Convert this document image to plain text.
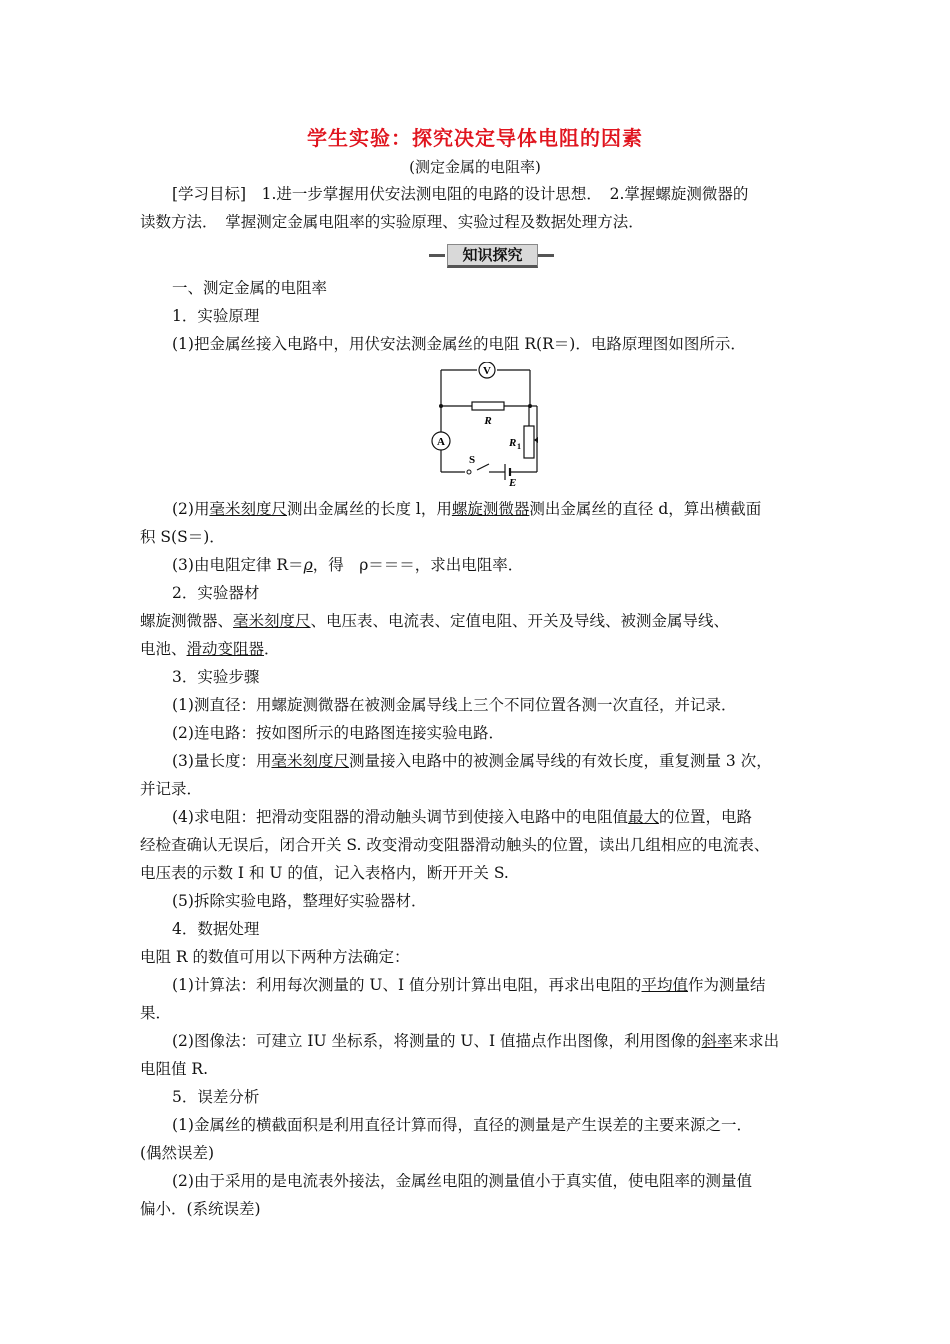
学生实验：探究决定导体电阻的因素
(测定金属的电阻率)
[学习目标]　1.进一步掌握用伏安法测电阻的电路的设计思想．　2.掌握螺旋测微器的
读数方法．　掌握测定金属电阻率的实验原理、实验过程及数据处理方法．
知识探究
一、测定金属的电阻率
1．实验原理
(1)把金属丝接入电路中，用伏安法测金属丝的电阻 R(R＝)．电路原理图如图所示．
V
A
R
R 1
S
E
(2)用毫米刻度尺测出金属丝的长度 l，用螺旋测微器测出金属丝的直径 d，算出横截面
积 S(S＝)．
(3)由电阻定律 R＝ρ，得　ρ＝＝＝，求出电阻率．
2．实验器材
螺旋测微器、毫米刻度尺、电压表、电流表、定值电阻、开关及导线、被测金属导线、
电池、滑动变阻器．
3．实验步骤
(1)测直径：用螺旋测微器在被测金属导线上三个不同位置各测一次直径，并记录．
(2)连电路：按如图所示的电路图连接实验电路．
(3)量长度：用毫米刻度尺测量接入电路中的被测金属导线的有效长度，重复测量 3 次，
并记录．
(4)求电阻：把滑动变阻器的滑动触头调节到使接入电路中的电阻值最大的位置，电路
经检查确认无误后，闭合开关 S. 改变滑动变阻器滑动触头的位置，读出几组相应的电流表、
电压表的示数 I 和 U 的值，记入表格内，断开开关 S.
(5)拆除实验电路，整理好实验器材．
4．数据处理
电阻 R 的数值可用以下两种方法确定：
(1)计算法：利用每次测量的 U、I 值分别计算出电阻，再求出电阻的平均值作为测量结
果．
(2)图像法：可建立 IU 坐标系，将测量的 U、I 值描点作出图像，利用图像的斜率来求出
电阻值 R.
5．误差分析
(1)金属丝的横截面积是利用直径计算而得，直径的测量是产生误差的主要来源之一．
(偶然误差)
(2)由于采用的是电流表外接法，金属丝电阻的测量值小于真实值，使电阻率的测量值
偏小．(系统误差)
